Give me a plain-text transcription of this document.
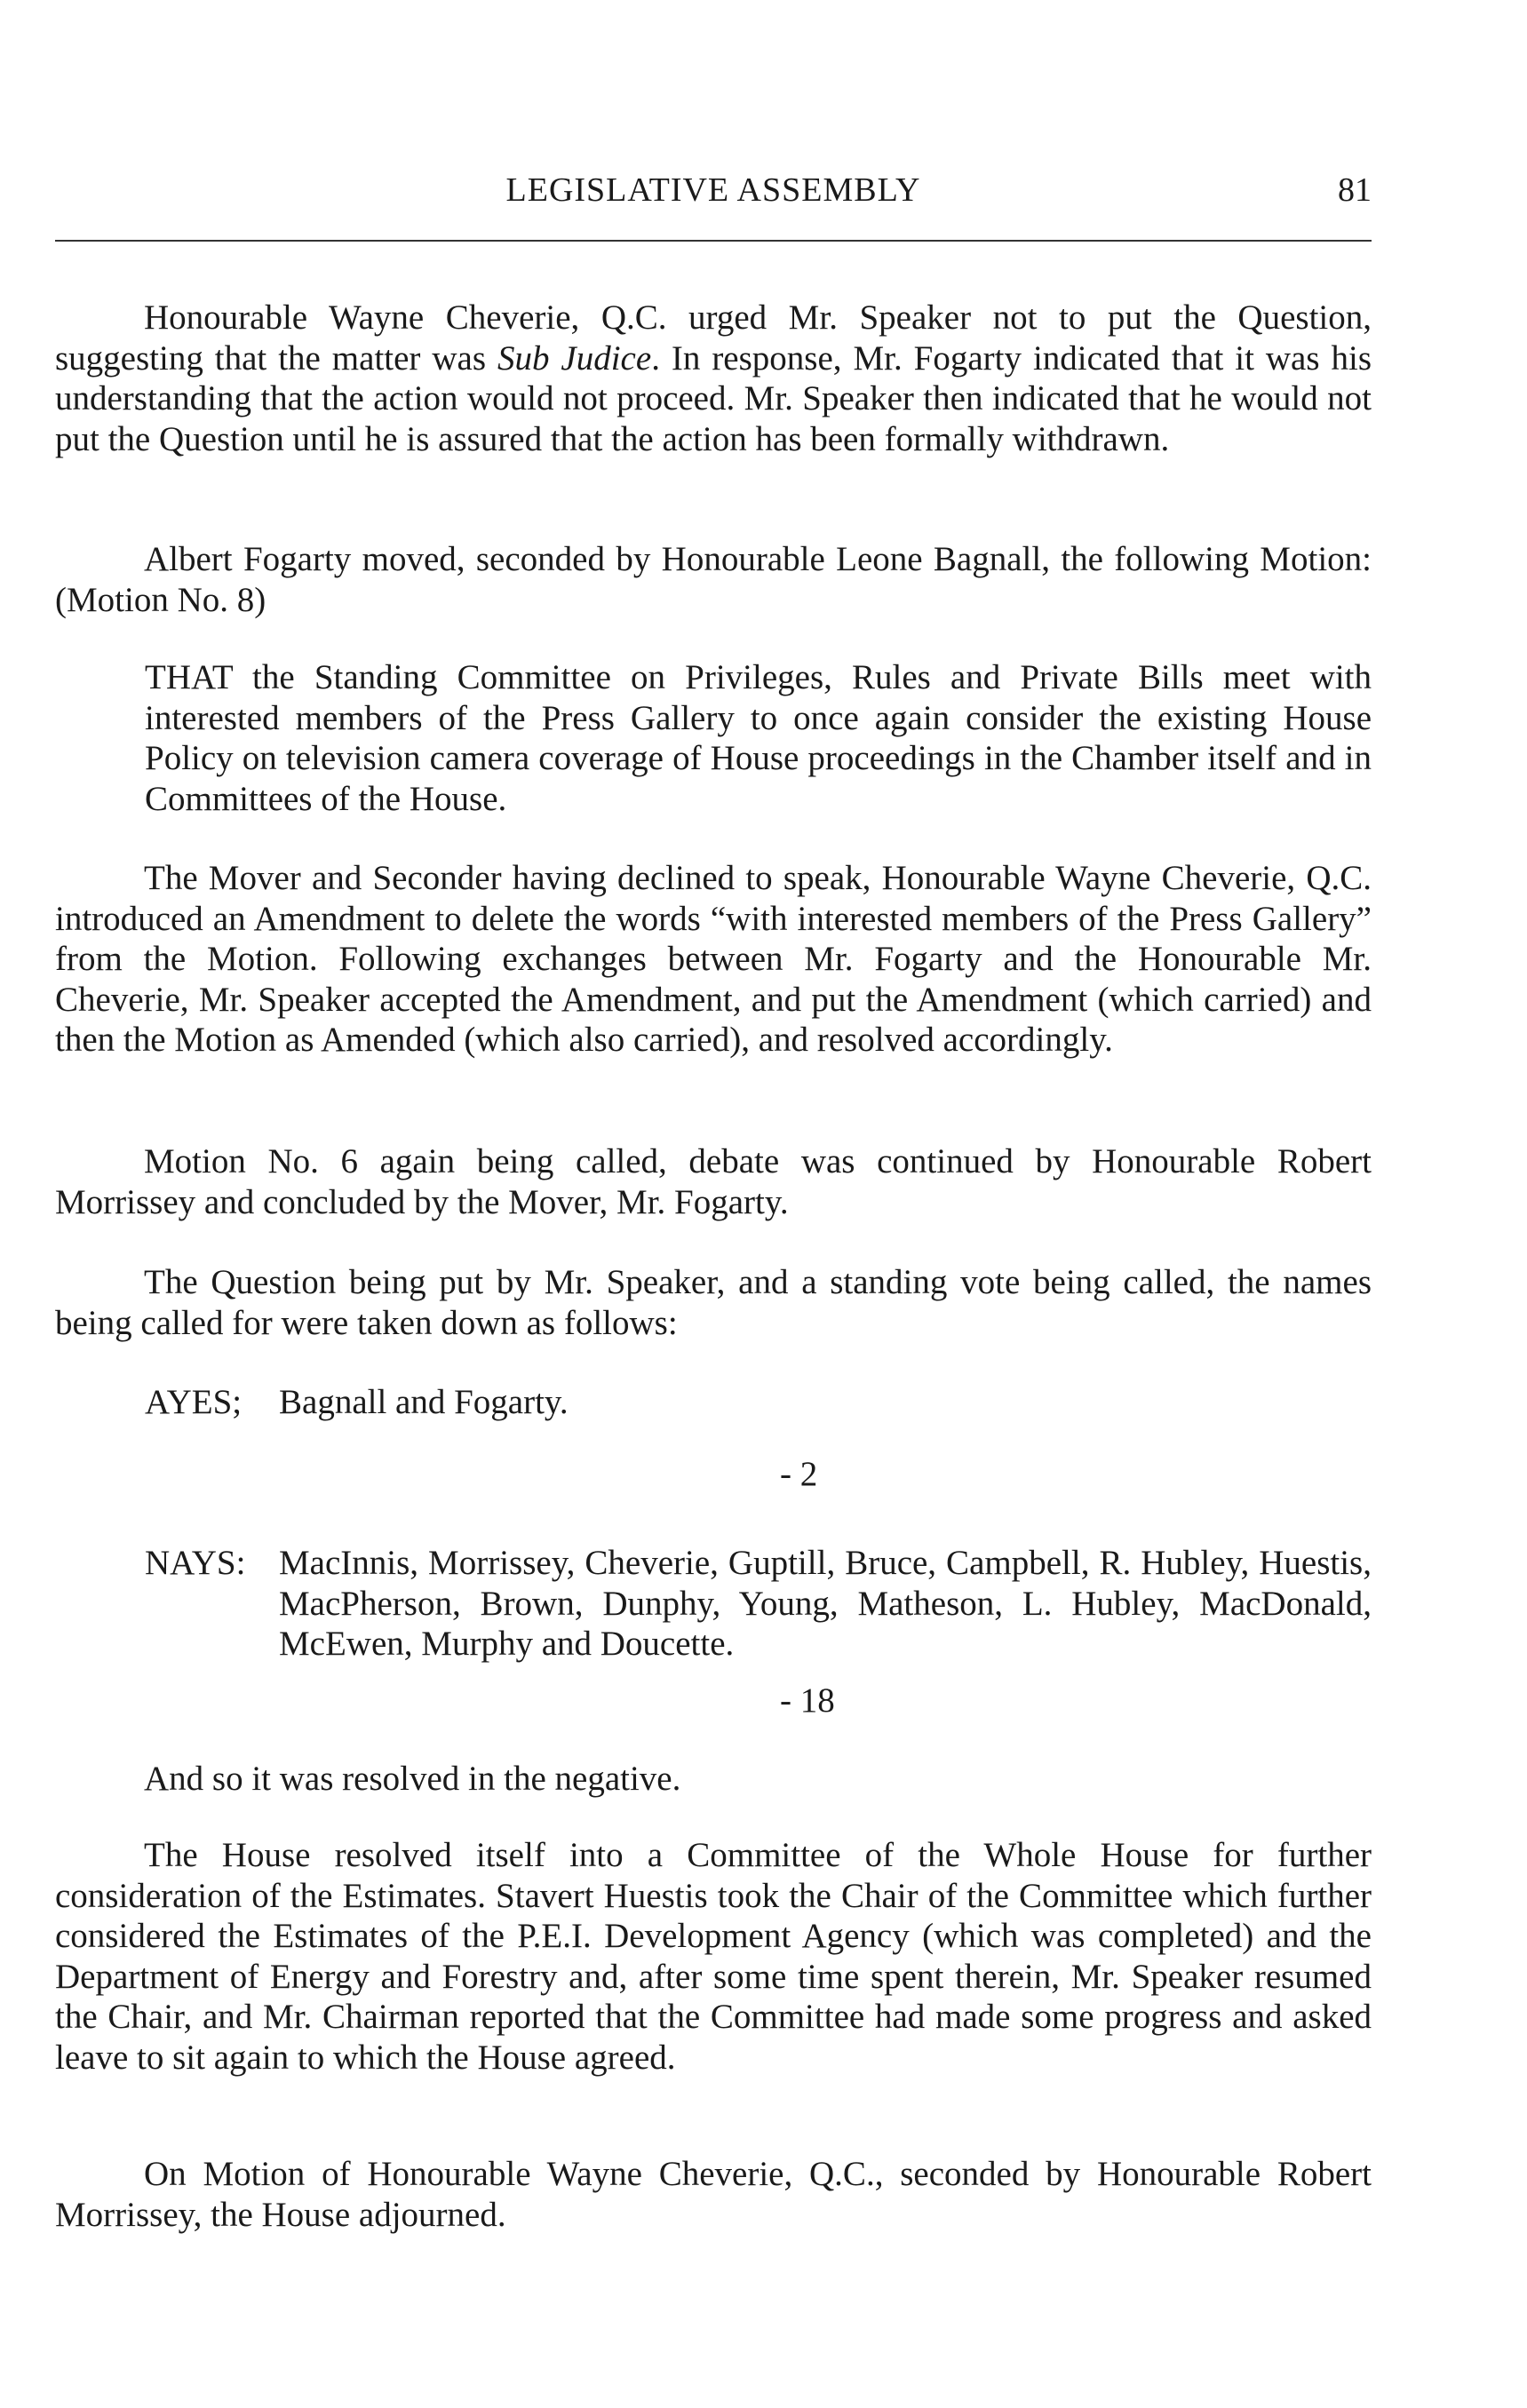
LEGISLATIVE ASSEMBLY	81

Honourable Wayne Cheverie, Q.C. urged Mr. Speaker not to put the Question, suggesting that the matter was Sub Judice. In response, Mr. Fogarty indicated that it was his understanding that the action would not proceed. Mr. Speaker then indicated that he would not put the Question until he is assured that the action has been formally withdrawn.

Albert Fogarty moved, seconded by Honourable Leone Bagnall, the following Motion: (Motion No. 8)

THAT the Standing Committee on Privileges, Rules and Private Bills meet with interested members of the Press Gallery to once again consider the existing House Policy on television camera coverage of House proceedings in the Chamber itself and in Committees of the House.

The Mover and Seconder having declined to speak, Honourable Wayne Cheverie, Q.C. introduced an Amendment to delete the words “with interested members of the Press Gallery” from the Motion. Following exchanges between Mr. Fogarty and the Honourable Mr. Cheverie, Mr. Speaker accepted the Amendment, and put the Amendment (which carried) and then the Motion as Amended (which also carried), and resolved accordingly.

Motion No. 6 again being called, debate was continued by Honourable Robert Morrissey and concluded by the Mover, Mr. Fogarty.

The Question being put by Mr. Speaker, and a standing vote being called, the names being called for were taken down as follows:

AYES; Bagnall and Fogarty.
- 2
NAYS: MacInnis, Morrissey, Cheverie, Guptill, Bruce, Campbell, R. Hubley, Huestis, MacPherson, Brown, Dunphy, Young, Matheson, L. Hubley, MacDonald, McEwen, Murphy and Doucette.
- 18

And so it was resolved in the negative.

The House resolved itself into a Committee of the Whole House for further consideration of the Estimates. Stavert Huestis took the Chair of the Committee which further considered the Estimates of the P.E.I. Development Agency (which was completed) and the Department of Energy and Forestry and, after some time spent therein, Mr. Speaker resumed the Chair, and Mr. Chairman reported that the Committee had made some progress and asked leave to sit again to which the House agreed.

On Motion of Honourable Wayne Cheverie, Q.C., seconded by Honourable Robert Morrissey, the House adjourned.
